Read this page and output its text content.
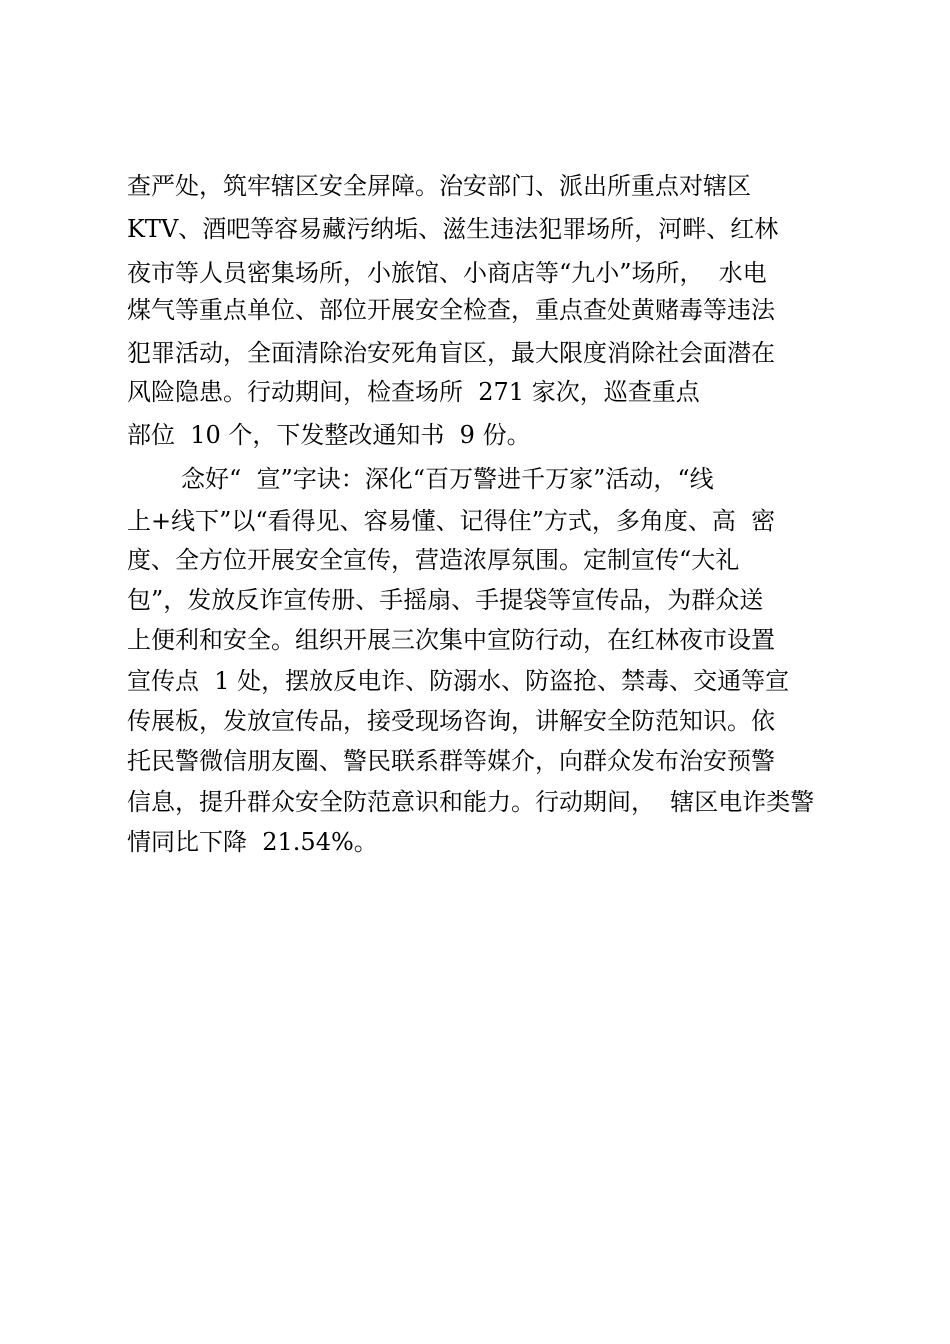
查严处，筑牢辖区安全屏障。治安部门、派出所重点对辖区

KTV、酒吧等容易藏污纳垢、滋生违法犯罪场所，河畔、红林

夜市等人员密集场所，小旅馆、小商店等“九小”场所，  水电

煤气等重点单位、部位开展安全检查，重点查处黄赌毒等违法

犯罪活动，全面清除治安死角盲区，最大限度消除社会面潜在

风险隐患。行动期间，检查场所  271 家次，巡查重点

部位  10 个，下发整改通知书  9 份。

念好“  宣”字诀：深化“百万警进千万家”活动，“线

上+线下”以“看得见、容易懂、记得住”方式，多角度、高  密

度、全方位开展安全宣传，营造浓厚氛围。定制宣传“大礼

包”，发放反诈宣传册、手摇扇、手提袋等宣传品，为群众送

上便利和安全。组织开展三次集中宣防行动，在红林夜市设置

宣传点  1 处，摆放反电诈、防溺水、防盗抢、禁毒、交通等宣

传展板，发放宣传品，接受现场咨询，讲解安全防范知识。依

托民警微信朋友圈、警民联系群等媒介，向群众发布治安预警

信息，提升群众安全防范意识和能力。行动期间，  辖区电诈类警

情同比下降  21.54%。
